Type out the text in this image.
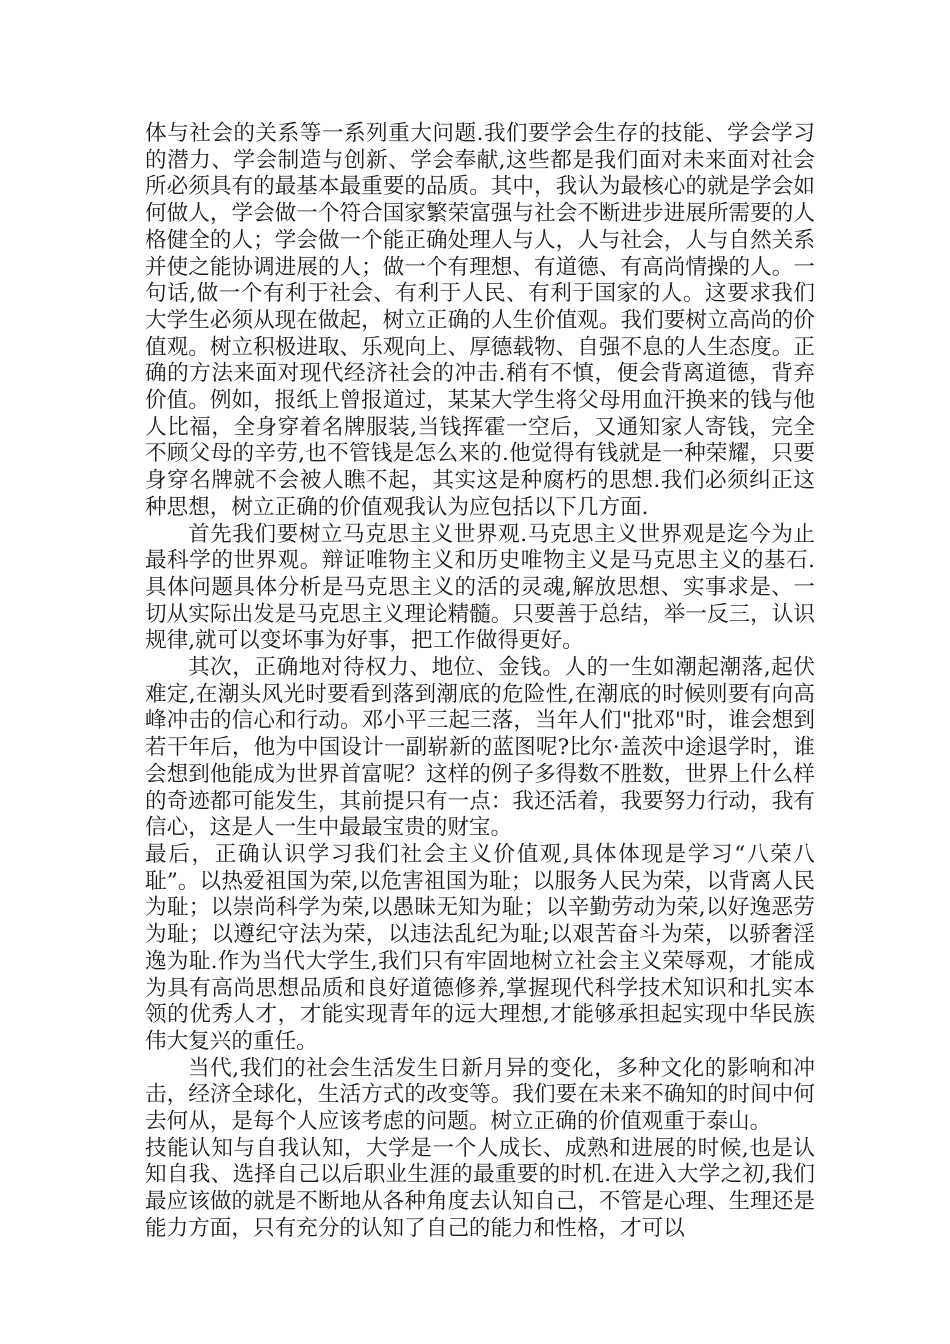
体与社会的关系等一系列重大问题.我们要学会生存的技能、学会学习的潜力、学会制造与创新、学会奉献,这些都是我们面对未来面对社会所必须具有的最基本最重要的品质。其中，我认为最核心的就是学会如何做人，学会做一个符合国家繁荣富强与社会不断进步进展所需要的人格健全的人；学会做一个能正确处理人与人，人与社会，人与自然关系并使之能协调进展的人；做一个有理想、有道德、有高尚情操的人。一句话,做一个有利于社会、有利于人民、有利于国家的人。这要求我们大学生必须从现在做起，树立正确的人生价值观。我们要树立高尚的价值观。树立积极进取、乐观向上、厚德载物、自强不息的人生态度。正确的方法来面对现代经济社会的冲击.稍有不慎，便会背离道德，背弃价值。例如，报纸上曾报道过，某某大学生将父母用血汗换来的钱与他人比福，全身穿着名牌服装,当钱挥霍一空后，又通知家人寄钱，完全不顾父母的辛劳,也不管钱是怎么来的.他觉得有钱就是一种荣耀，只要身穿名牌就不会被人瞧不起，其实这是种腐朽的思想.我们必须纠正这种思想，树立正确的价值观我认为应包括以下几方面.

首先我们要树立马克思主义世界观.马克思主义世界观是迄今为止最科学的世界观。辩证唯物主义和历史唯物主义是马克思主义的基石.具体问题具体分析是马克思主义的活的灵魂,解放思想、实事求是、一切从实际出发是马克思主义理论精髓。只要善于总结，举一反三，认识规律,就可以变坏事为好事，把工作做得更好。

其次，正确地对待权力、地位、金钱。人的一生如潮起潮落,起伏难定,在潮头风光时要看到落到潮底的危险性,在潮底的时候则要有向高峰冲击的信心和行动。邓小平三起三落，当年人们"批邓"时，谁会想到若干年后，他为中国设计一副崭新的蓝图呢?比尔·盖茨中途退学时，谁会想到他能成为世界首富呢？这样的例子多得数不胜数，世界上什么样的奇迹都可能发生，其前提只有一点：我还活着，我要努力行动，我有信心，这是人一生中最最宝贵的财宝。

最后，正确认识学习我们社会主义价值观,具体体现是学习“八荣八耻”。以热爱祖国为荣,以危害祖国为耻；以服务人民为荣，以背离人民为耻；以崇尚科学为荣,以愚昧无知为耻；以辛勤劳动为荣,以好逸恶劳为耻；以遵纪守法为荣，以违法乱纪为耻;以艰苦奋斗为荣，以骄奢淫逸为耻.作为当代大学生,我们只有牢固地树立社会主义荣辱观，才能成为具有高尚思想品质和良好道德修养,掌握现代科学技术知识和扎实本领的优秀人才，才能实现青年的远大理想,才能够承担起实现中华民族伟大复兴的重任。

当代,我们的社会生活发生日新月异的变化，多种文化的影响和冲击，经济全球化，生活方式的改变等。我们要在未来不确知的时间中何去何从，是每个人应该考虑的问题。树立正确的价值观重于泰山。

技能认知与自我认知，大学是一个人成长、成熟和进展的时候,也是认知自我、选择自己以后职业生涯的最重要的时机.在进入大学之初,我们最应该做的就是不断地从各种角度去认知自己，不管是心理、生理还是能力方面，只有充分的认知了自己的能力和性格，才可以
